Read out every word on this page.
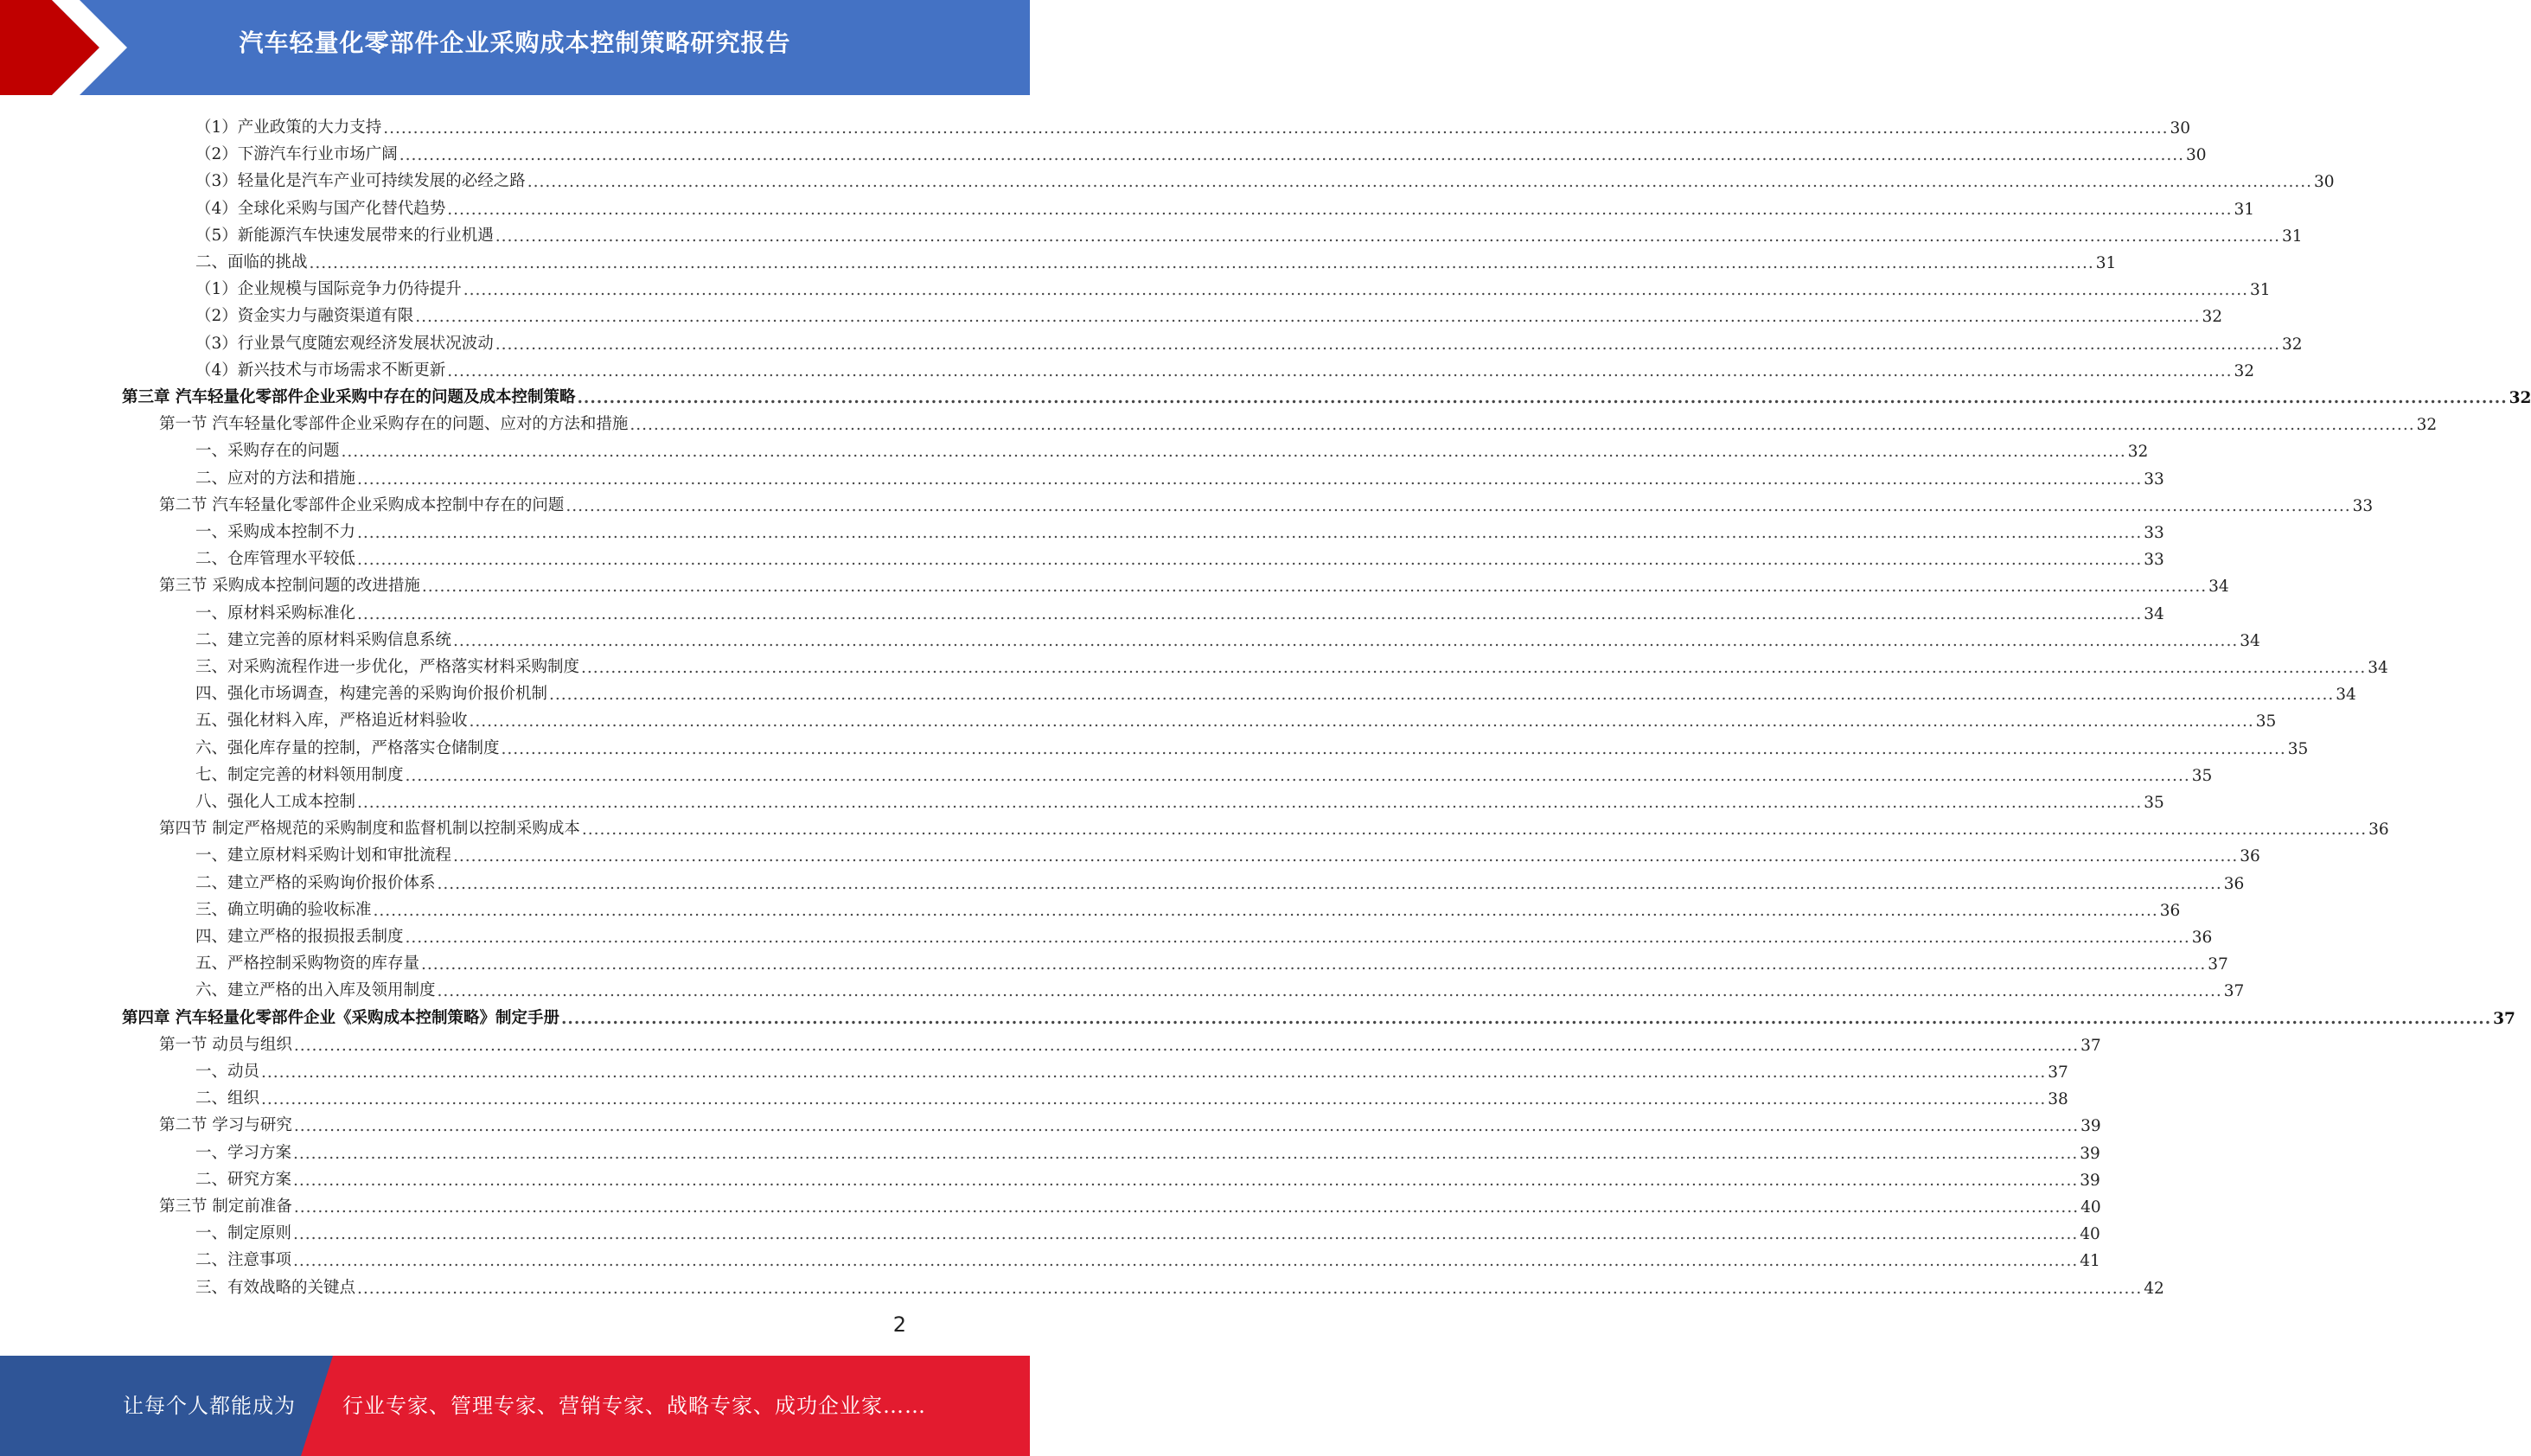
汽车轻量化零部件企业采购成本控制策略研究报告
（1）产业政策的大力支持 ............................................................................................................................................................................................................................................................................................................ 30
（2）下游汽车行业市场广阔 ............................................................................................................................................................................................................................................................................................................ 30
（3）轻量化是汽车产业可持续发展的必经之路 ............................................................................................................................................................................................................................................................................................................ 30
（4）全球化采购与国产化替代趋势 ............................................................................................................................................................................................................................................................................................................ 31
（5）新能源汽车快速发展带来的行业机遇 ............................................................................................................................................................................................................................................................................................................ 31
二、面临的挑战 ............................................................................................................................................................................................................................................................................................................ 31
（1）企业规模与国际竞争力仍待提升 ............................................................................................................................................................................................................................................................................................................ 31
（2）资金实力与融资渠道有限 ............................................................................................................................................................................................................................................................................................................ 32
（3）行业景气度随宏观经济发展状况波动 ............................................................................................................................................................................................................................................................................................................ 32
（4）新兴技术与市场需求不断更新 ............................................................................................................................................................................................................................................................................................................ 32
第三章 汽车轻量化零部件企业采购中存在的问题及成本控制策略 ............................................................................................................................................................................................................................................................................................................ 32
第一节 汽车轻量化零部件企业采购存在的问题、应对的方法和措施 ............................................................................................................................................................................................................................................................................................................ 32
一、采购存在的问题 ............................................................................................................................................................................................................................................................................................................ 32
二、应对的方法和措施 ............................................................................................................................................................................................................................................................................................................ 33
第二节 汽车轻量化零部件企业采购成本控制中存在的问题 ............................................................................................................................................................................................................................................................................................................ 33
一、采购成本控制不力 ............................................................................................................................................................................................................................................................................................................ 33
二、仓库管理水平较低 ............................................................................................................................................................................................................................................................................................................ 33
第三节 采购成本控制问题的改进措施 ............................................................................................................................................................................................................................................................................................................ 34
一、原材料采购标准化 ............................................................................................................................................................................................................................................................................................................ 34
二、建立完善的原材料采购信息系统 ............................................................................................................................................................................................................................................................................................................ 34
三、对采购流程作进一步优化，严格落实材料采购制度 ............................................................................................................................................................................................................................................................................................................ 34
四、强化市场调查，构建完善的采购询价报价机制 ............................................................................................................................................................................................................................................................................................................ 34
五、强化材料入库，严格追近材料验收 ............................................................................................................................................................................................................................................................................................................ 35
六、强化库存量的控制，严格落实仓储制度 ............................................................................................................................................................................................................................................................................................................ 35
七、制定完善的材料领用制度 ............................................................................................................................................................................................................................................................................................................ 35
八、强化人工成本控制 ............................................................................................................................................................................................................................................................................................................ 35
第四节 制定严格规范的采购制度和监督机制以控制采购成本 ............................................................................................................................................................................................................................................................................................................ 36
一、建立原材料采购计划和审批流程 ............................................................................................................................................................................................................................................................................................................ 36
二、建立严格的采购询价报价体系 ............................................................................................................................................................................................................................................................................................................ 36
三、确立明确的验收标准 ............................................................................................................................................................................................................................................................................................................ 36
四、建立严格的报损报丢制度 ............................................................................................................................................................................................................................................................................................................ 36
五、严格控制采购物资的库存量 ............................................................................................................................................................................................................................................................................................................ 37
六、建立严格的出入库及领用制度 ............................................................................................................................................................................................................................................................................................................ 37
第四章 汽车轻量化零部件企业《采购成本控制策略》制定手册 ............................................................................................................................................................................................................................................................................................................ 37
第一节 动员与组织 ............................................................................................................................................................................................................................................................................................................ 37
一、动员 ............................................................................................................................................................................................................................................................................................................ 37
二、组织 ............................................................................................................................................................................................................................................................................................................ 38
第二节 学习与研究 ............................................................................................................................................................................................................................................................................................................ 39
一、学习方案 ............................................................................................................................................................................................................................................................................................................ 39
二、研究方案 ............................................................................................................................................................................................................................................................................................................ 39
第三节 制定前准备 ............................................................................................................................................................................................................................................................................................................ 40
一、制定原则 ............................................................................................................................................................................................................................................................................................................ 40
二、注意事项 ............................................................................................................................................................................................................................................................................................................ 41
三、有效战略的关键点 ............................................................................................................................................................................................................................................................................................................ 42
2
让每个人都能成为 行业专家、管理专家、营销专家、战略专家、成功企业家……
